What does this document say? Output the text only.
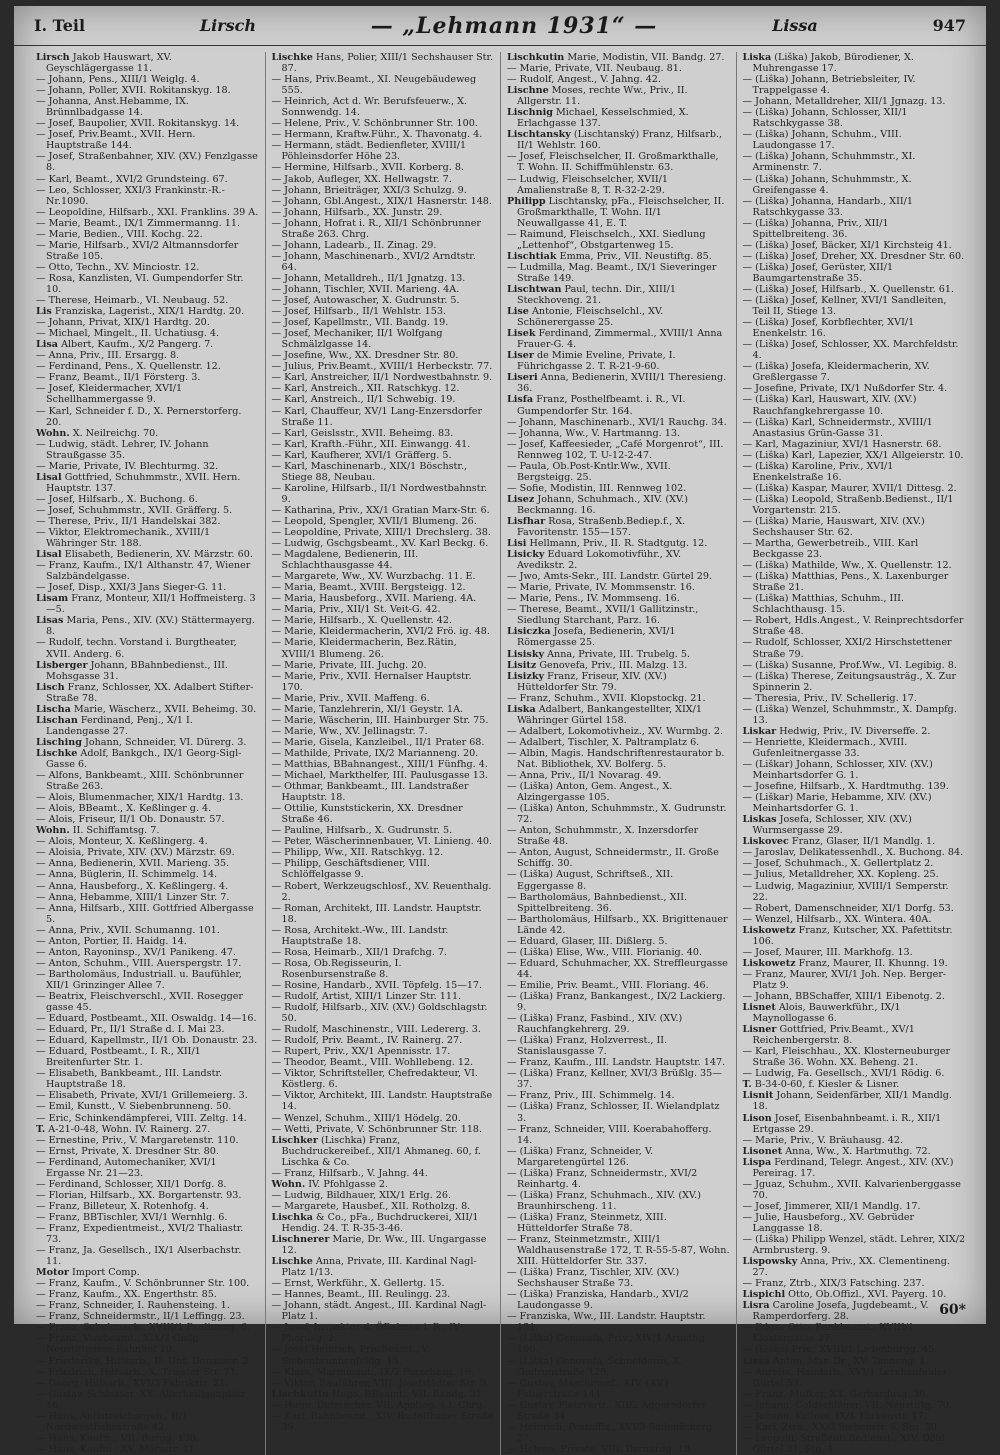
I. Teil	Lirsch	— „Lehmann 1931“ —	Lissa	947

Lirsch Jakob Hauswart, XV. Geyschlägergasse 11.

— Johann, Pens., XIII/1 Weiglg. 4.

— Johann, Poller, XVII. Rokitanskyg. 18.

— Johanna, Anst.Hebamme, IX. Brünnlbadgasse 14.

— Josef, Baupolier, XVII. Rokitanskyg. 14.

— Josef, Priv.Beamt., XVII. Hern. Hauptstraße 144.

— Josef, Straßenbahner, XIV. (XV.) Fenzlgasse 8.

— Karl, Beamt., XVI/2 Grundsteing. 67.

— Leo, Schlosser, XXI/3 Frankinstr.-R.-Nr.1090.

— Leopoldine, Hilfsarb., XXI. Franklins. 39 A.

— Marie, Beamt., IX/1 Zimmermanng. 11.

— Marie, Bedien., VIII. Kochg. 22.

— Marie, Hilfsarb., XVI/2 Altmannsdorfer Straße 105.

— Otto, Techn., XV. Minciostr. 12.

— Rosa, Kanzlisten, VI. Gumpendorfer Str. 10.

— Therese, Heimarb., VI. Neubaug. 52.

Lis Franziska, Lagerist., XIX/1 Hardtg. 20.

— Johann, Privat, XIX/1 Hardtg. 20.

— Michael, Mingelt., II. Uchatiusg. 4.

Lisa Albert, Kaufm., X/2 Pangerg. 7.

— Anna, Priv., III. Ersargg. 8.

— Ferdinand, Pens., X. Quellenstr. 12.

— Franz, Beamt., II/1 Försterg. 3.

— Josef, Kleidermacher, XVI/1 Schellhammergasse 9.

— Karl, Schneider f. D., X. Pernerstorferg. 20.

Wohn. X. Neilreichg. 70.

— Ludwig, städt. Lehrer, IV. Johann Straußgasse 35.

— Marie, Private, IV. Blechturmg. 32.

Lisal Gottfried, Schuhmmstr., XVII. Hern. Hauptstr. 137.

— Josef, Hilfsarb., X. Buchong. 6.

— Josef, Schuhmmstr., XVII. Gräfferg. 5.

— Therese, Priv., II/1 Handelskai 382.

— Viktor, Elektromechanik., XVIII/1 Währinger Str. 188.

Lisal Elisabeth, Bedienerin, XV. Märzstr. 60.

— Franz, Kaufm., IX/1 Althanstr. 47, Wiener Salzbändelgasse.

— Josef, Disp., XXI/3 Jans Sieger-G. 11.

Lisam Franz, Monteur, XII/1 Hoffmeisterg. 3—5.

Lisas Maria, Pens., XIV. (XV.) Stättermayerg. 8.

— Rudolf, techn. Vorstand i. Burgtheater, XVII. Anderg. 6.

Lisberger Johann, BBahnbedienst., III. Mohsgasse 31.

Lisch Franz, Schlosser, XX. Adalbert Stifter-Straße 78.

Lischa Marie, Wäscherz., XVII. Beheimg. 30.

Lischan Ferdinand, Penj., X/1 I. Landengasse 27.

Lisching Johann, Schneider, VI. Dürerg. 3.

Lischke Adolf, Bankgch., IX/1 Georg-Sigl-Gasse 6.

— Alfons, Bankbeamt., XIII. Schönbrunner Straße 263.

— Alois, Blumenmacher, XIX/1 Hardtg. 13.

— Alois, BBeamt., X. Keßlinger g. 4.

— Alois, Friseur, II/1 Ob. Donaustr. 57.

Wohn. II. Schiffamtsg. 7.

— Alois, Monteur, X. Keßlingerg. 4.

— Aloisia, Private, XIV. (XV.) Märzstr. 69.

— Anna, Bedienerin, XVII. Marieng. 35.

— Anna, Büglerin, II. Schimmelg. 14.

— Anna, Hausbeforg., X. Keßlingerg. 4.

— Anna, Hebamme, XIII/1 Linzer Str. 7.

— Anna, Hilfsarb., XIII. Gottfried Albergasse 5.

— Anna, Priv., XVII. Schumanng. 101.

— Anton, Portier, II. Haidg. 14.

— Anton, Rayoninsp., XV/1 Panikeng. 47.

— Anton, Schuhm., VIII. Auerspergstr. 17.

— Bartholomäus, Industriall. u. Baufühler, XII/1 Grinzinger Allee 7.

— Beatrix, Fleischverschl., XVII. Rosegger gasse 45.

— Eduard, Postbeamt., XII. Oswaldg. 14—16.

— Eduard, Pr., II/1 Straße d. I. Mai 23.

— Eduard, Kapellmstr., II/1 Ob. Donaustr. 23.

— Eduard, Postbeamt., I. R., XII/1 Breitenfurter Str. 1.

— Elisabeth, Bankbeamt., III. Landstr. Hauptstraße 18.

— Elisabeth, Private, XVI/1 Grillemeierg. 3.

— Emil, Kunstt., V. Siebenbrunneng. 50.

— Eric, Schinkendämpferei, VIII. Zeltg. 14.

T. A-21-0-48, Wohn. IV. Rainerg. 27.

— Ernestine, Priv., V. Margaretenstr. 110.

— Ernst, Private, X. Dresdner Str. 80.

— Ferdinand, Automechaniker, XVI/1 Ergasse Nr. 21—23.

— Ferdinand, Schlosser, XII/1 Dorfg. 8.

— Florian, Hilfsarb., XX. Borgartenstr. 93.

— Franz, Billeteur, X. Rotenhofg. 4.

— Franz, BBTischler, XVI/1 Wernhlg. 6.

— Franz, Expedientmeist., XVI/2 Thaliastr. 73.

— Franz, Ja. Gesellsch., IX/1 Alserbachstr. 11.

Motor Import Comp.

— Franz, Kaufm., V. Schönbrunner Str. 100.

— Franz, Kaufm., XX. Engerthstr. 85.

— Franz, Schneider, I. Rauhensteing. 1.

— Franz, Schneidermstr., II/1 Leffingg. 23.

— Franz, Schuhmach., XVIII/1 Paulineng. 6.

— Franz, Vizebeamt., XIX/2 Gielg. Neustiftgasse Bahnhof 10.

— Friederike, Hilfsarb., II. Unt. Donaustr. 2.

— Friedrich, Hilfsarb., X. Triester Str. 71.

— Georg, Hilfsarb., XVI/3 Fabrikstr. 21.

— Gustav, Schlosser, XX. Allerheiligenplatz 16.

— Hans, Antistreichergeh., II/1 Nordwestbahnstraße 42.

— Hans, Kaufm., VII. Burgg. 130.

— Hans, Kaufm., XV. Märzstr. 11.

Lischke Hans, Polier, XIII/1 Sechshauser Str. 87.

— Hans, Priv.Beamt., XI. Neugebäudeweg 555.

— Heinrich, Act d. Wr. Berufsfeuerw., X. Sonnwendg. 14.

— Helene, Priv., V. Schönbrunner Str. 100.

— Hermann, Kraftw.Führ., X. Thavonatg. 4.

— Hermann, städt. Bedienfleter, XVIII/1 Pöhleinsdorfer Höhe 23.

— Hermine, Hilfsarb., XVII. Korberg. 8.

— Jakob, Aufleger, XX. Hellwagstr. 7.

— Johann, Brieiträger, XXI/3 Schulzg. 9.

— Johann, Gbl.Angest., XIX/1 Hasnerstr. 148.

— Johann, Hilfsarb., XX. Junstr. 29.

— Johann, Hofrat i. R., XII/1 Schönbrunner Straße 263. Chrg.

— Johann, Ladearb., II. Zinag. 29.

— Johann, Maschinenarb., XVI/2 Arndtstr. 64.

— Johann, Metalldreh., II/1 Jgnatzg. 13.

— Johann, Tischler, XVII. Marieng. 4A.

— Josef, Autowascher, X. Gudrunstr. 5.

— Josef, Hilfsarb., II/1 Wehlstr. 153.

— Josef, Kapellmstr., VII. Bandg. 19.

— Josef, Mechaniker, II/1 Wolfgang Schmälzlgasse 14.

— Josefine, Ww., XX. Dresdner Str. 80.

— Julius, Priv.Beamt., XVIII/1 Herbeckstr. 77.

— Karl, Anstreicher, II/1 Nordwestbahnstr. 9.

— Karl, Anstreich., XII. Ratschkyg. 12.

— Karl, Anstreich., II/1 Schwebig. 19.

— Karl, Chauffeur, XV/1 Lang-Enzersdorfer Straße 11.

— Karl, Geislsstr., XVII. Beheimg. 83.

— Karl, Krafth.-Führ., XII. Einwangg. 41.

— Karl, Kaufherer, XVI/1 Gräfferg. 5.

— Karl, Maschinenarb., XIX/1 Böschstr., Stiege 88, Neubau.

— Karoline, Hilfsarb., II/1 Nordwestbahnstr. 9.

— Katharina, Priv., XX/1 Gratian Marx-Str. 6.

— Leopold, Spengler, XVII/1 Blumeng. 26.

— Leopoldine, Private, XIII/1 Drechslerg. 38.

— Ludwig, Gschgsbeamt., XV. Karl Beckg. 6.

— Magdalene, Bedienerin, III. Schlachthausgasse 44.

— Margarete, Ww., XV. Wurzbachg. 11. E.

— Maria, Beamt., XVIII. Bergsteigg. 12.

— Maria, Hausbeforg., XVII. Marieng. 4A.

— Maria, Priv., XII/1 St. Veit-G. 42.

— Marie, Hilfsarb., X. Quellenstr. 42.

— Marie, Kleidermacherin, XVI/2 Frö. ig. 48.

— Marie, Kleidermacherin, Bez.Rätin, XVIII/1 Blumeng. 26.

— Marie, Private, III. Juchg. 20.

— Marie, Priv., XVII. Hernalser Hauptstr. 170.

— Marie, Priv., XVII. Maffeng. 6.

— Marie, Tanzlehrerin, XI/1 Geystr. 1A.

— Marie, Wäscherin, III. Hainburger Str. 75.

— Marie, Ww., XV. Jellinagstr. 7.

— Marie, Gisela, Kanzleibel., II/1 Prater 68.

— Mathilde, Private, IX/2 Marianneng. 20.

— Matthias, BBahnangest., XIII/1 Fünfhg. 4.

— Michael, Markthelfer, III. Paulusgasse 13.

— Othmar, Bankbeamt., III. Landstraßer Hauptstr. 18.

— Ottilie, Kunststickerin, XX. Dresdner Straße 46.

— Pauline, Hilfsarb., X. Gudrunstr. 5.

— Peter, Wäscherinnenbauer, VI. Linieng. 40.

— Philipp, Ww., XII. Ratschkyg. 12.

— Philipp, Geschäftsdiener, VIII. Schlöffelgasse 9.

— Robert, Werkzeugschlosf., XV. Reuenthalg. 2.

— Roman, Architekt, III. Landstr. Hauptstr. 18.

— Rosa, Architekt.-Ww., III. Landstr. Hauptstraße 18.

— Rosa, Heimarb., XII/1 Drafchg. 7.

— Rosa, Ob.Regisseurin, I. Rosenbursenstraße 8.

— Rosine, Handarb., XVII. Töpfelg. 15—17.

— Rudolf, Artist, XIII/1 Linzer Str. 111.

— Rudolf, Hilfsarb., XIV. (XV.) Goldschlagstr. 50.

— Rudolf, Maschinenstr., VIII. Ledererg. 3.

— Rudolf, Priv. Beamt., IV. Rainerg. 27.

— Rupert, Priv., XX/1 Apennisstr. 17.

— Theodor, Beamt., VIII. Wohllebeng. 12.

— Viktor, Schriftsteller, Chefredakteur, VI. Köstlerg. 6.

— Viktor, Architekt, III. Landstr. Hauptstraße 14.

— Wenzel, Schuhm., XIII/1 Hödelg. 20.

— Wetti, Private, V. Schönbrunner Str. 118.

Lischker (Lischka) Franz, Buchdruckereibef., XII/1 Ahmaneg. 60, f. Lischka & Co.

— Franz, Hilfsarb., V. Jahng. 44.

Wohn. IV. Pfohlgasse 2.

— Ludwig, Bildhauer, XIX/1 Erlg. 26.

— Margarete, Hausbef., XII. Rotholzg. 8.

Lischka & Co., pFa., Buchdruckerei, XII/1 Hendig. 24. T. R-35-3-46.

Lischnerer Marie, Dr. Ww., III. Ungargasse 12.

Lischke Anna, Private, III. Kardinal Nagl-Platz 1/13.

— Ernst, Werkführ., X. Gellertg. 15.

— Hannes, Beamt., III. Reulingg. 23.

— Johann, städt. Angest., III. Kardinal Nagl-Platz 1.

— Josef, Inspektor d. ÖBahnen i. R., IV Phorusg. 2.

— Josef Heinrich, Priv.Beamt., V. Siebenbrunnenfeldg. 15.

— Klara, Marinmaut., IX/2 Porschezg. 16.

— Viktor, Bauführer, VIII. Josefstädter Str. 9.

Lischkutin Hugo, BBeamt., VII. Bandg. 31.

— Hugo, Dutmacher, VII. Apollog. 13. Chrg.

— Karl, Bahnbeamt., XIV. Rudolfhauer Straße 39.

Lischkutin Marie, Modistin, VII. Bandg. 27.

— Marie, Private, VII. Neubaug. 81.

— Rudolf, Angest., V. Jahng. 42.

Lischne Moses, rechte Ww., Priv., II. Allgerstr. 11.

Lischnig Michael, Kesselschmied, X. Erlachgasse 137.

Lischtansky (Lischtanský) Franz, Hilfsarb., II/1 Wehlstr. 160.

— Josef, Fleischselcher, II. Großmarkthalle, T. Wohn. II. Schiffmühlenstr. 63.

— Ludwig, Fleischselcher, XVII/1 Amalienstraße 8, T. R-32-2-29.

Philipp Lischtansky, pFa., Fleischselcher, II. Großmarkthalle, T. Wohn. II/1 Neuwallgasse 41, E. T.

— Raimund, Fleischselch., XXI. Siedlung „Lettenhof“, Obstgartenweg 15.

Lischtiak Emma, Priv., VII. Neustiftg. 85.

— Ludmilla, Mag. Beamt., IX/1 Sieveringer Straße 149.

Lischtwan Paul, techn. Dir., XIII/1 Steckhoveng. 21.

Lise Antonie, Fleischselchl., XV. Schönerergasse 25.

Lisek Ferdinand, Zimmermal., XVIII/1 Anna Frauer-G. 4.

Liser de Mimie Eveline, Private, I. Führichgasse 2. T. R-21-9-60.

Liseri Anna, Bedienerin, XVIII/1 Theresieng. 36.

Lisfa Franz, Posthelfbeamt. i. R., VI. Gumpendorfer Str. 164.

— Johann, Maschinenarb., XVI/1 Rauchg. 34.

— Johanna, Ww., V. Hartmanng. 13.

— Josef, Kaffeesieder, „Café Morgenrot“, III. Rennweg 102, T. U-12-2-47.

— Paula, Ob.Post-Kntlr.Ww., XVII. Bergsteigg. 25.

— Sofie, Modistin, III. Rennweg 102.

Lisez Johann, Schuhmach., XIV. (XV.) Beckmanng. 16.

Lisfhar Rosa, Straßenb.Bediep.f., X. Favoritenstr. 155—157.

Lisi Hellmann, Priv., II. R. Stadtgutg. 12.

Lisicky Eduard Lokomotivführ., XV. Avedikstr. 2.

— Jwo, Amts-Sekr., III. Landstr. Gürtel 29.

— Marie, Private, IV. Mommsenstr. 16.

— Marie, Pens., IV. Mommseng. 16.

— Therese, Beamt., XVII/1 Gallitzinstr., Siedlung Starchant, Parz. 16.

Lisiczka Josefa, Bedienerin, XVI/1 Römergasse 25.

Lisisky Anna, Private, III. Trubelg. 5.

Lisitz Genovefa, Priv., III. Malzg. 13.

Lisizky Franz, Friseur, XIV. (XV.) Hütteldorfer Str. 79.

— Franz, Schuhm., XVII. Klopstockg. 21.

Liska Adalbert, Bankangestellter, XIX/1 Währinger Gürtel 158.

— Adalbert, Lokomotivheiz., XV. Wurmbg. 2.

— Adalbert, Tischler, X. Paltramplatz 6.

— Albin, Magis. Handschriftenrestaurator b. Nat. Bibliothek, XV. Bolferg. 5.

— Anna, Priv., II/1 Novarag. 49.

— (Liška) Anton, Gem. Angest., X. Alzingergasse 105.

— (Liška) Anton, Schuhmmstr., X. Gudrunstr. 72.

— Anton, Schuhmmstr., X. Inzersdorfer Straße 48.

— Anton, August, Schneidermstr., II. Große Schiffg. 30.

— (Liška) August, Schriftseß., XII. Eggergasse 8.

— Bartholomäus, Bahnbedienst., XII. Spittelbreiteng. 36.

— Bartholomäus, Hilfsarb., XX. Brigittenauer Lände 42.

— Eduard, Glaser, III. Dißlerg. 5.

— (Liška) Elise, Ww., VIII. Florianig. 40.

— Eduard, Schuhmacher, XX. Streffleurgasse 44.

— Emilie, Priv. Beamt., VIII. Floriang. 46.

— (Liška) Franz, Bankangest., IX/2 Lackierg. 9.

— (Liška) Franz, Fasbind., XIV. (XV.) Rauchfangkehrerg. 29.

— (Liška) Franz, Holzverrest., II. Stanislausgasse 7.

— Franz, Kaufm., III. Landstr. Hauptstr. 147.

— (Liška) Franz, Kellner, XVI/3 Brüßlg. 35—37.

— Franz, Priv., III. Schimmelg. 14.

— (Liška) Franz, Schlosser, II. Wielandplatz 3.

— Franz, Schneider, VIII. Koerabahofferg. 14.

— (Liška) Franz, Schneider, V. Margaretengürtel 126.

— (Liška) Franz, Schneidermstr., XVI/2 Reinhartg. 4.

— (Liška) Franz, Schuhmach., XIV. (XV.) Braunhirscheng. 11.

— (Liška) Franz, Steinmetz, XIII. Hütteldorfer Straße 78.

— Franz, Steinmetzmstr., XIII/1 Waldhausenstraße 172, T. R-55-5-87, Wohn. XIII. Hütteldorfer Str. 337.

— (Liška) Franz, Tischler, XIV. (XV.) Sechshauser Straße 73.

— (Liška) Franziska, Handarb., XVI/2 Laudongasse 9.

— Franziska, Ww., III. Landstr. Hauptstr. 151.

— (Liška) Genovefa, Priv., XIV/1 Arnethg. 100.

— (Liška) Genovefa, Schneiderin, X. Gudrunstraße 129.

— Gustav, Maschinenf., XIV. (XV.) Felberstraße 144.

— Gustav, Platzvertr., XII/2 Aggersdorfer Straße 34.

— Heinrich, Postoffiz., XVI/3 Sailenäckerg. 27.

— Helene, Private, VIII. Bernardg. 18.

Liska (Liška) Jakob, Bürodiener, X. Muhrengasse 17.

— (Liška) Johann, Betriebsleiter, IV. Trappelgasse 4.

— Johann, Metalldreher, XII/1 Jgnazg. 13.

— (Liška) Johann, Schlosser, XII/1 Ratschkygasse 38.

— (Liška) Johann, Schuhm., VIII. Laudongasse 17.

— (Liška) Johann, Schuhmmstr., XI. Arminenstr. 7.

— (Liška) Johann, Schuhmmstr., X. Greifengasse 4.

— (Liška) Johanna, Handarb., XII/1 Ratschkygasse 33.

— (Liška) Johanna, Priv., XII/1 Spittelbreiteng. 36.

— (Liška) Josef, Bäcker, XI/1 Kirchsteig 41.

— (Liška) Josef, Dreher, XX. Dresdner Str. 60.

— (Liška) Josef, Gerüster, XII/1 Baumgartenstraße 35.

— (Liška) Josef, Hilfsarb., X. Quellenstr. 61.

— (Liška) Josef, Kellner, XVI/1 Sandleiten, Teil II, Stiege 13.

— (Liška) Josef, Korbflechter, XVI/1 Enenkelstr. 16.

— (Liška) Josef, Schlosser, XX. Marchfeldstr. 4.

— (Liška) Josefa, Kleidermacherin, XV. Greßlergasse 7.

— Josefine, Private, IX/1 Nußdorfer Str. 4.

— (Liška) Karl, Hauswart, XIV. (XV.) Rauchfangkehrergasse 10.

— (Liška) Karl, Schneidermstr., XVIII/1 Anastasius Grün-Gasse 31.

— Karl, Magaziniur, XVI/1 Hasnerstr. 68.

— (Liška) Karl, Lapezier, XX/1 Allgeierstr. 10.

— (Liška) Karoline, Priv., XVI/1 Enenkelstraße 16.

— (Liška) Kaspar, Maurer, XVII/1 Dittesg. 2.

— (Liška) Leopold, Straßenb.Bedienst., II/1 Vorgartenstr. 215.

— (Liška) Marie, Hauswart, XIV. (XV.) Sechshauser Str. 62.

— Martha, Gewerbetreib., VIII. Karl Beckgasse 23.

— (Liška) Mathilde, Ww., X. Quellenstr. 12.

— (Liška) Matthias, Pens., X. Laxenburger Straße 21.

— (Liška) Matthias, Schuhm., III. Schlachthausg. 15.

— Robert, Hdls.Angest., V. Reinprechtsdorfer Straße 48.

— Rudolf, Schlosser, XXI/2 Hirschstettener Straße 79.

— (Liška) Susanne, Prof.Ww., VI. Legibig. 8.

— (Liška) Therese, Zeitungsausträg., X. Zur Spinnerin 2.

— Theresia, Priv., IV. Schellerig. 17.

— (Liška) Wenzel, Schuhmmstr., X. Dampfg. 13.

Liskar Hedwig, Priv., IV. Diverseffe. 2.

— Henriette, Kleidermach., XVIII. Gufenleitnergasse 33.

— (Liškar) Johann, Schlosser, XIV. (XV.) Meinhartsdorfer G. 1.

— Josefine, Hilfsarb., X. Hardtmuthg. 139.

— (Liškar) Marie, Hebamme, XIV. (XV.) Meinhartsdorfer G. 1.

Liskas Josefa, Schlosser, XIV. (XV.) Wurmsergasse 29.

Liskovec Franz, Glaser, II/1 Mandlg. 1.

— Jaroslav, Delikatessenhdl., X. Buchong. 84.

— Josef, Schuhmach., X. Gellertplatz 2.

— Julius, Metalldreher, XX. Kopleng. 25.

— Ludwig, Magaziniur, XVIII/1 Semperstr. 22.

— Robert, Damenschneider, XI/1 Dorfg. 53.

— Wenzel, Hilfsarb., XX. Wintera. 40A.

Liskowetz Franz, Kutscher, XX. Pafettitstr. 106.

— Josef, Maurer, III. Markhofg. 13.

Liskowetz Franz, Maurer, II. Khunng. 19.

— Franz, Maurer, XVI/1 Joh. Nep. Berger-Platz 9.

— Johann, BBSchaffer, XIII/1 Eibenotg. 2.

Lisnet Alois, Bauwerkführ., IX/1 Maynollogasse 6.

Lisner Gottfried, Priv.Beamt., XV/1 Reichenbergerstr. 8.

— Karl, Fleischhau., XX. Klosterneuburger Straße 36. Wohn. XX. Beheng. 21.

— Ludwig, Fa. Gesellsch., XVI/1 Rödig. 6.

T. B-34-0-60, f. Kiesler & Lisner.

Lisnit Johann, Seidenfärber, XII/1 Mandlg. 18.

Lison Josef, Eisenbahnbeamt. i. R., XII/1 Ertgasse 29.

— Marie, Priv., V. Bräuhausg. 42.

Lisonet Anna, Ww., X. Hartmuthg. 72.

Lispa Ferdinand, Telegr. Angest., XIV. (XV.) Pereirag. 17.

— Jguaz, Schuhm., XVII. Kalvarienberggasse 70.

— Josef, Jimmerer, XII/1 Mandlg. 17.

— Julie, Hausbeforg., XV. Gebrüder Langgasse 18.

— (Liška) Philipp Wenzel, städt. Lehrer, XIX/2 Armbrusterg. 9.

Lispowsky Anna, Priv., XX. Clementineng. 27.

— Franz, Ztrb., XIX/3 Fatsching. 237.

Lispichl Otto, Ob.Offizl., XVI. Payerg. 10.

Lisra Caroline Josefa, Jugdebeamt., V. Ramperdorferg. 28.

— Edgar Otto, Bankbeamt., XVIII/1 Klostergasse 27.

— (Liška) Priv., XVIII/1 Ladenburgg. 45.

Lissa Anton, Mar. Dr., XV. Tanneng. 1.

— Aurelia, Handarb., XVI/1 Lerchenfelder Gürtel 53.

— Franz, Mulker, XX. Gerhardusg. 36.

— Johann, Goldschläger, VII. Neustiftg. 70.

— Johann, Kellner, IX/1 Türkenstr. 17.

— Karl, Ztrb., XX/3 Siebenstr. 5. Stg. 30.

— Leopold, Straßenb.Bedienst., XIV. Döbl. Gürtel 21, Stg. 1.

60*
